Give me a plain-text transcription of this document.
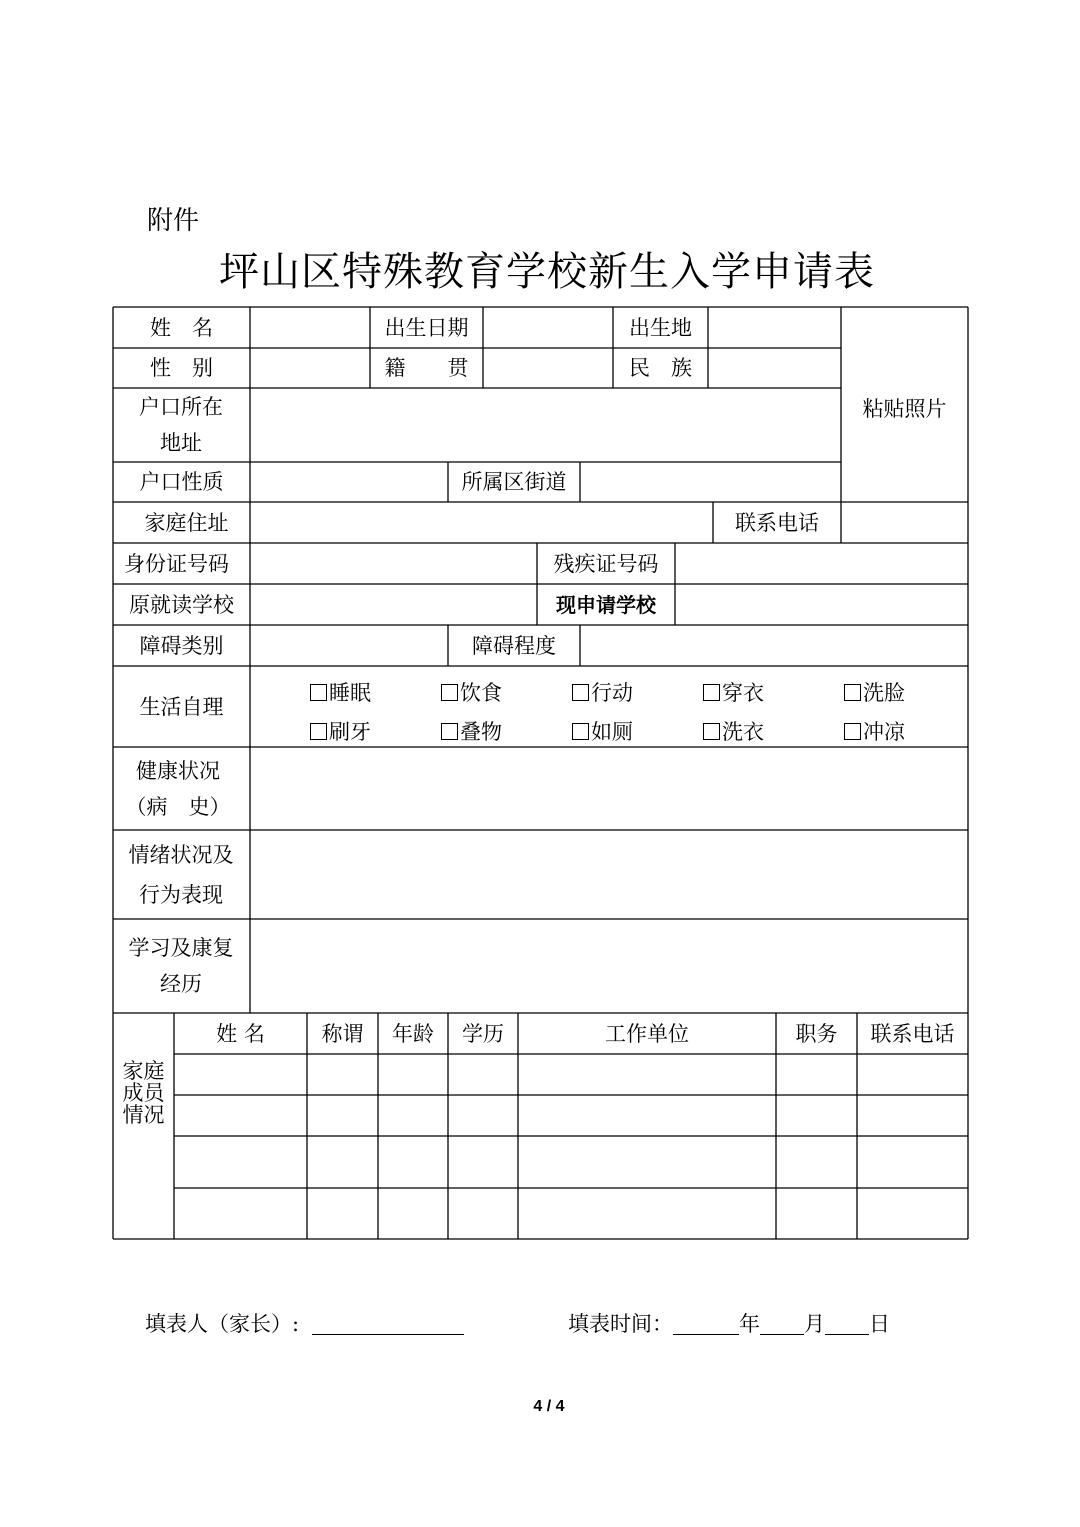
附件
坪山区特殊教育学校新生入学申请表
姓　名	出生日期	出生地
粘贴照片
性　别	籍　　贯	民　族
户口所在地址
户口性质	所属区街道
家庭住址	联系电话
身份证号码	残疾证号码
原就读学校	现申请学校
障碍类别	障碍程度
生活自理
睡眠	饮食	行动	穿衣	洗脸
刷牙	叠物	如厕	洗衣	冲凉
健康状况（病　史）
情绪状况及行为表现
学习及康复经历
家庭成员情况
姓 名	称谓	年龄	学历	工作单位	职务	联系电话
填表人（家长）:	填表时间：	年 月 日
4 / 4
